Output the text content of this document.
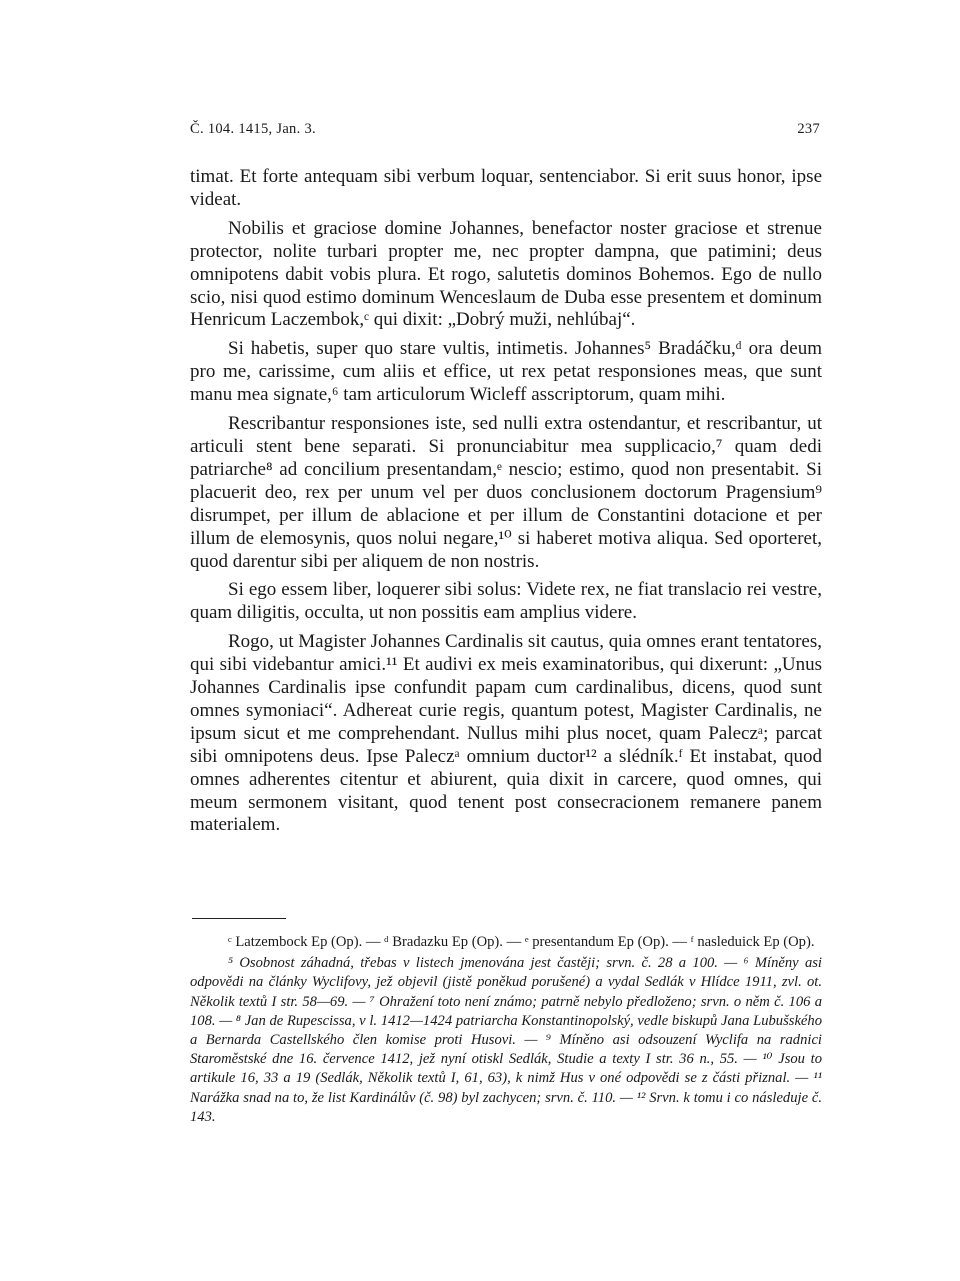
Č. 104. 1415, Jan. 3.	237

timat. Et forte antequam sibi verbum loquar, sentenciabor. Si erit suus honor, ipse videat.

Nobilis et graciose domine Johannes, benefactor noster graciose et strenue protector, nolite turbari propter me, nec propter dampna, que patimini; deus omnipotens dabit vobis plura. Et rogo, salutetis dominos Bohemos. Ego de nullo scio, nisi quod estimo dominum Wenceslaum de Duba esse presentem et dominum Henricum Laczembok,ᶜ qui dixit: „Dobrý muži, nehlúbaj“.

Si habetis, super quo stare vultis, intimetis. Johannes⁵ Bradáčku,ᵈ ora deum pro me, carissime, cum aliis et effice, ut rex petat responsiones meas, que sunt manu mea signate,⁶ tam articulorum Wicleff asscriptorum, quam mihi.

Rescribantur responsiones iste, sed nulli extra ostendantur, et rescribantur, ut articuli stent bene separati. Si pronunciabitur mea supplicacio,⁷ quam dedi patriarche⁸ ad concilium presentandam,ᵉ nescio; estimo, quod non presentabit. Si placuerit deo, rex per unum vel per duos conclusionem doctorum Pragensium⁹ disrumpet, per illum de ablacione et per illum de Constantini dotacione et per illum de elemosynis, quos nolui negare,¹⁰ si haberet motiva aliqua. Sed oporteret, quod darentur sibi per aliquem de non nostris.

Si ego essem liber, loquerer sibi solus: Videte rex, ne fiat translacio rei vestre, quam diligitis, occulta, ut non possitis eam amplius videre.

Rogo, ut Magister Johannes Cardinalis sit cautus, quia omnes erant tentatores, qui sibi videbantur amici.¹¹ Et audivi ex meis examinatoribus, qui dixerunt: „Unus Johannes Cardinalis ipse confundit papam cum cardinalibus, dicens, quod sunt omnes symoniaci“. Adhereat curie regis, quantum potest, Magister Cardinalis, ne ipsum sicut et me comprehendant. Nullus mihi plus nocet, quam Paleczᵃ; parcat sibi omnipotens deus. Ipse Paleczᵃ omnium ductor¹² a slédník.ᶠ Et instabat, quod omnes adherentes citentur et abiurent, quia dixit in carcere, quod omnes, qui meum sermonem visitant, quod tenent post consecracionem remanere panem materialem.

ᶜ Latzembock Ep (Op). — ᵈ Bradazku Ep (Op). — ᵉ presentandum Ep (Op). — ᶠ nasleduick Ep (Op).

⁵ Osobnost záhadná, třebas v listech jmenována jest častěji; srvn. č. 28 a 100. — ⁶ Míněny asi odpovědi na články Wyclifovy, jež objevil (jistě poněkud porušené) a vydal Sedlák v Hlídce 1911, zvl. ot. Několik textů I str. 58—69. — ⁷ Ohražení toto není známo; patrně nebylo předloženo; srvn. o něm č. 106 a 108. — ⁸ Jan de Rupescissa, v l. 1412—1424 patriarcha Konstantinopolský, vedle biskupů Jana Lubušského a Bernarda Castellského člen komise proti Husovi. — ⁹ Míněno asi odsouzení Wyclifa na radnici Staroměstské dne 16. července 1412, jež nyní otiskl Sedlák, Studie a texty I str. 36 n., 55. — ¹⁰ Jsou to artikule 16, 33 a 19 (Sedlák, Několik textů I, 61, 63), k nimž Hus v oné odpovědi se z části přiznal. — ¹¹ Narážka snad na to, že list Kardinálův (č. 98) byl zachycen; srvn. č. 110. — ¹² Srvn. k tomu i co následuje č. 143.
